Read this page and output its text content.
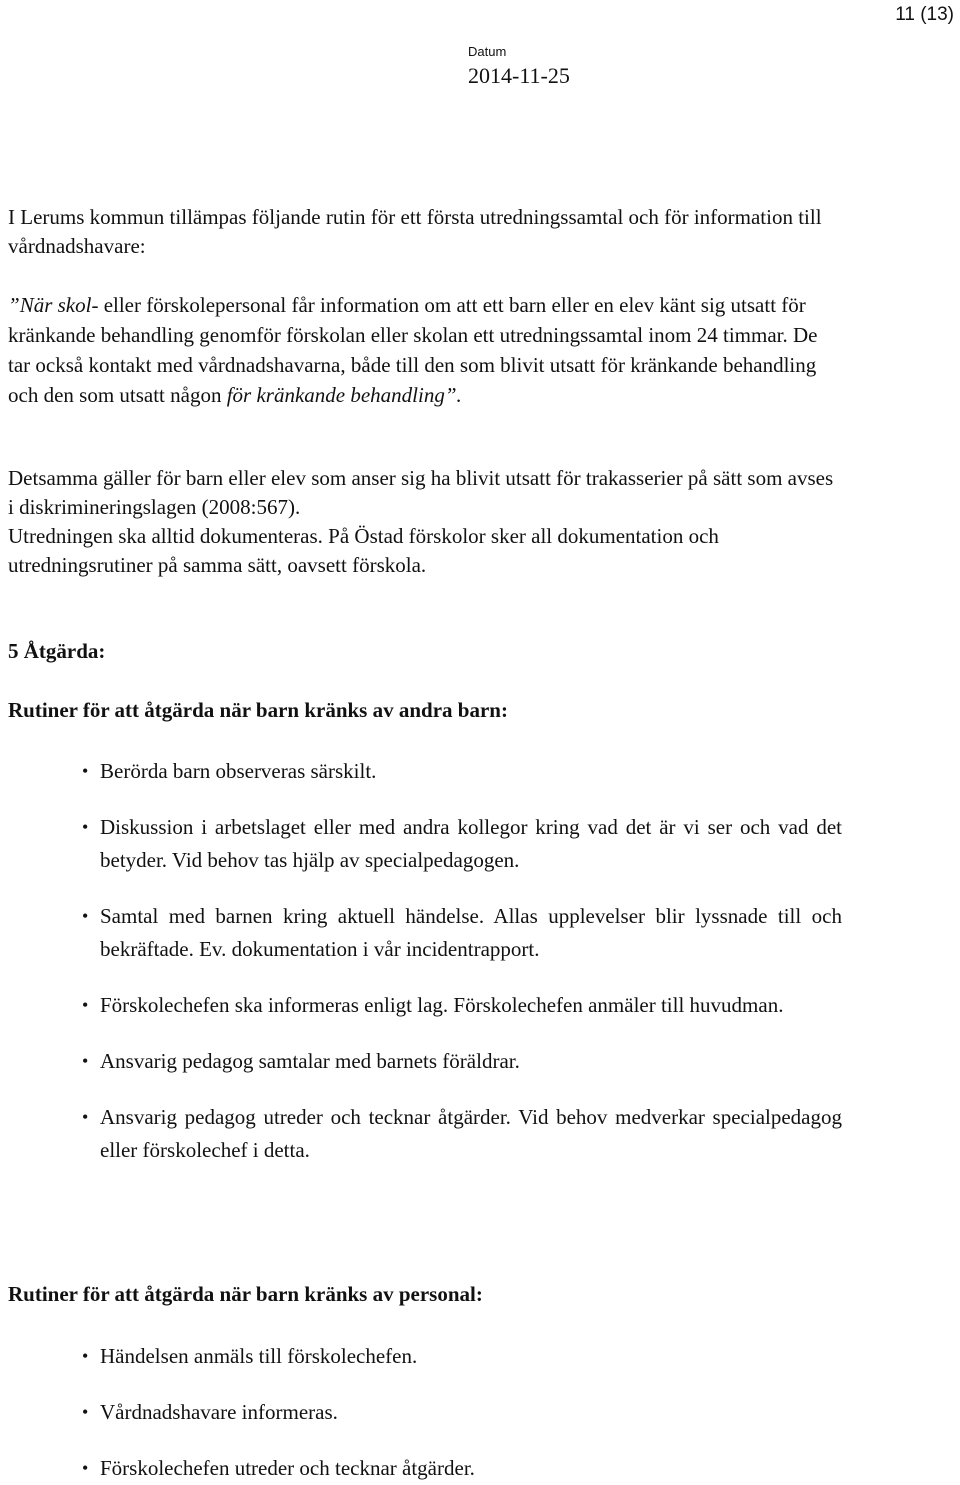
11 (13)
Datum
2014-11-25

I Lerums kommun tillämpas följande rutin för ett första utredningssamtal och för information till vårdnadshavare:

”När skol- eller förskolepersonal får information om att ett barn eller en elev känt sig utsatt för kränkande behandling genomför förskolan eller skolan ett utredningssamtal inom 24 timmar. De tar också kontakt med vårdnadshavarna, både till den som blivit utsatt för kränkande behandling och den som utsatt någon för kränkande behandling”.

Detsamma gäller för barn eller elev som anser sig ha blivit utsatt för trakasserier på sätt som avses i diskrimineringslagen (2008:567).

Utredningen ska alltid dokumenteras. På Östad förskolor sker all dokumentation och utredningsrutiner på samma sätt, oavsett förskola.

5 Åtgärda:
Rutiner för att åtgärda när barn kränks av andra barn:
• Berörda barn observeras särskilt.
• Diskussion i arbetslaget eller med andra kollegor kring vad det är vi ser och vad det betyder. Vid behov tas hjälp av specialpedagogen.
• Samtal med barnen kring aktuell händelse. Allas upplevelser blir lyssnade till och bekräftade. Ev. dokumentation i vår incidentrapport.
• Förskolechefen ska informeras enligt lag. Förskolechefen anmäler till huvudman.
• Ansvarig pedagog samtalar med barnets föräldrar.
• Ansvarig pedagog utreder och tecknar åtgärder. Vid behov medverkar specialpedagog eller förskolechef i detta.
Rutiner för att åtgärda när barn kränks av personal:
• Händelsen anmäls till förskolechefen.
• Vårdnadshavare informeras.
• Förskolechefen utreder och tecknar åtgärder.
